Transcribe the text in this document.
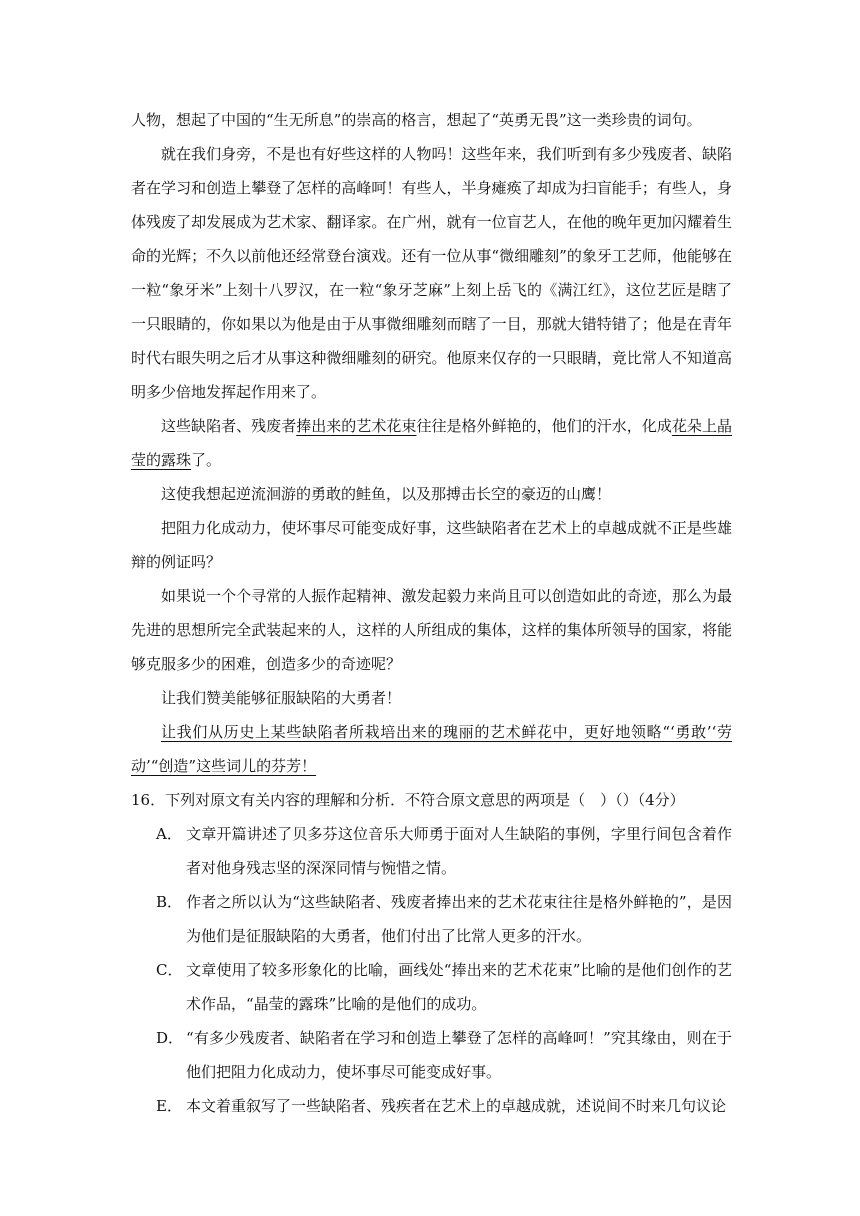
人物，想起了中国的“生无所息”的崇高的格言，想起了“英勇无畏”这一类珍贵的词句。

就在我们身旁，不是也有好些这样的人物吗！这些年来，我们听到有多少残废者、缺陷者在学习和创造上攀登了怎样的高峰呵！有些人，半身瘫痪了却成为扫盲能手；有些人，身体残废了却发展成为艺术家、翻译家。在广州，就有一位盲艺人，在他的晚年更加闪耀着生命的光辉；不久以前他还经常登台演戏。还有一位从事“微细雕刻”的象牙工艺师，他能够在一粒“象牙米”上刻十八罗汉，在一粒“象牙芝麻”上刻上岳飞的《满江红》，这位艺匠是瞎了一只眼睛的，你如果以为他是由于从事微细雕刻而瞎了一目，那就大错特错了；他是在青年时代右眼失明之后才从事这种微细雕刻的研究。他原来仅存的一只眼睛，竟比常人不知道高明多少倍地发挥起作用来了。

这些缺陷者、残废者捧出来的艺术花束往往是格外鲜艳的，他们的汗水，化成花朵上晶莹的露珠了。

这使我想起逆流洄游的勇敢的鲑鱼，以及那搏击长空的豪迈的山鹰！

把阻力化成动力，使坏事尽可能变成好事，这些缺陷者在艺术上的卓越成就不正是些雄辩的例证吗？

如果说一个个寻常的人振作起精神、激发起毅力来尚且可以创造如此的奇迹，那么为最先进的思想所完全武装起来的人，这样的人所组成的集体，这样的集体所领导的国家，将能够克服多少的困难，创造多少的奇迹呢？

让我们赞美能够征服缺陷的大勇者！

让我们从历史上某些缺陷者所栽培出来的瑰丽的艺术鲜花中，更好地领略“‘勇敢’‘劳动’“创造”这些词儿的芬芳！

16．下列对原文有关内容的理解和分析．不符合原文意思的两项是（　）（）（4分）

A． 文章开篇讲述了贝多芬这位音乐大师勇于面对人生缺陷的事例，字里行间包含着作者对他身残志坚的深深同情与惋惜之情。

B． 作者之所以认为“这些缺陷者、残废者捧出来的艺术花束往往是格外鲜艳的”，是因为他们是征服缺陷的大勇者，他们付出了比常人更多的汗水。

C． 文章使用了较多形象化的比喻，画线处“捧出来的艺术花束”比喻的是他们创作的艺术作品，“晶莹的露珠”比喻的是他们的成功。

D． “有多少残废者、缺陷者在学习和创造上攀登了怎样的高峰呵！”究其缘由，则在于他们把阻力化成动力，使坏事尽可能变成好事。

E． 本文着重叙写了一些缺陷者、残疾者在艺术上的卓越成就，述说间不时来几句议论
